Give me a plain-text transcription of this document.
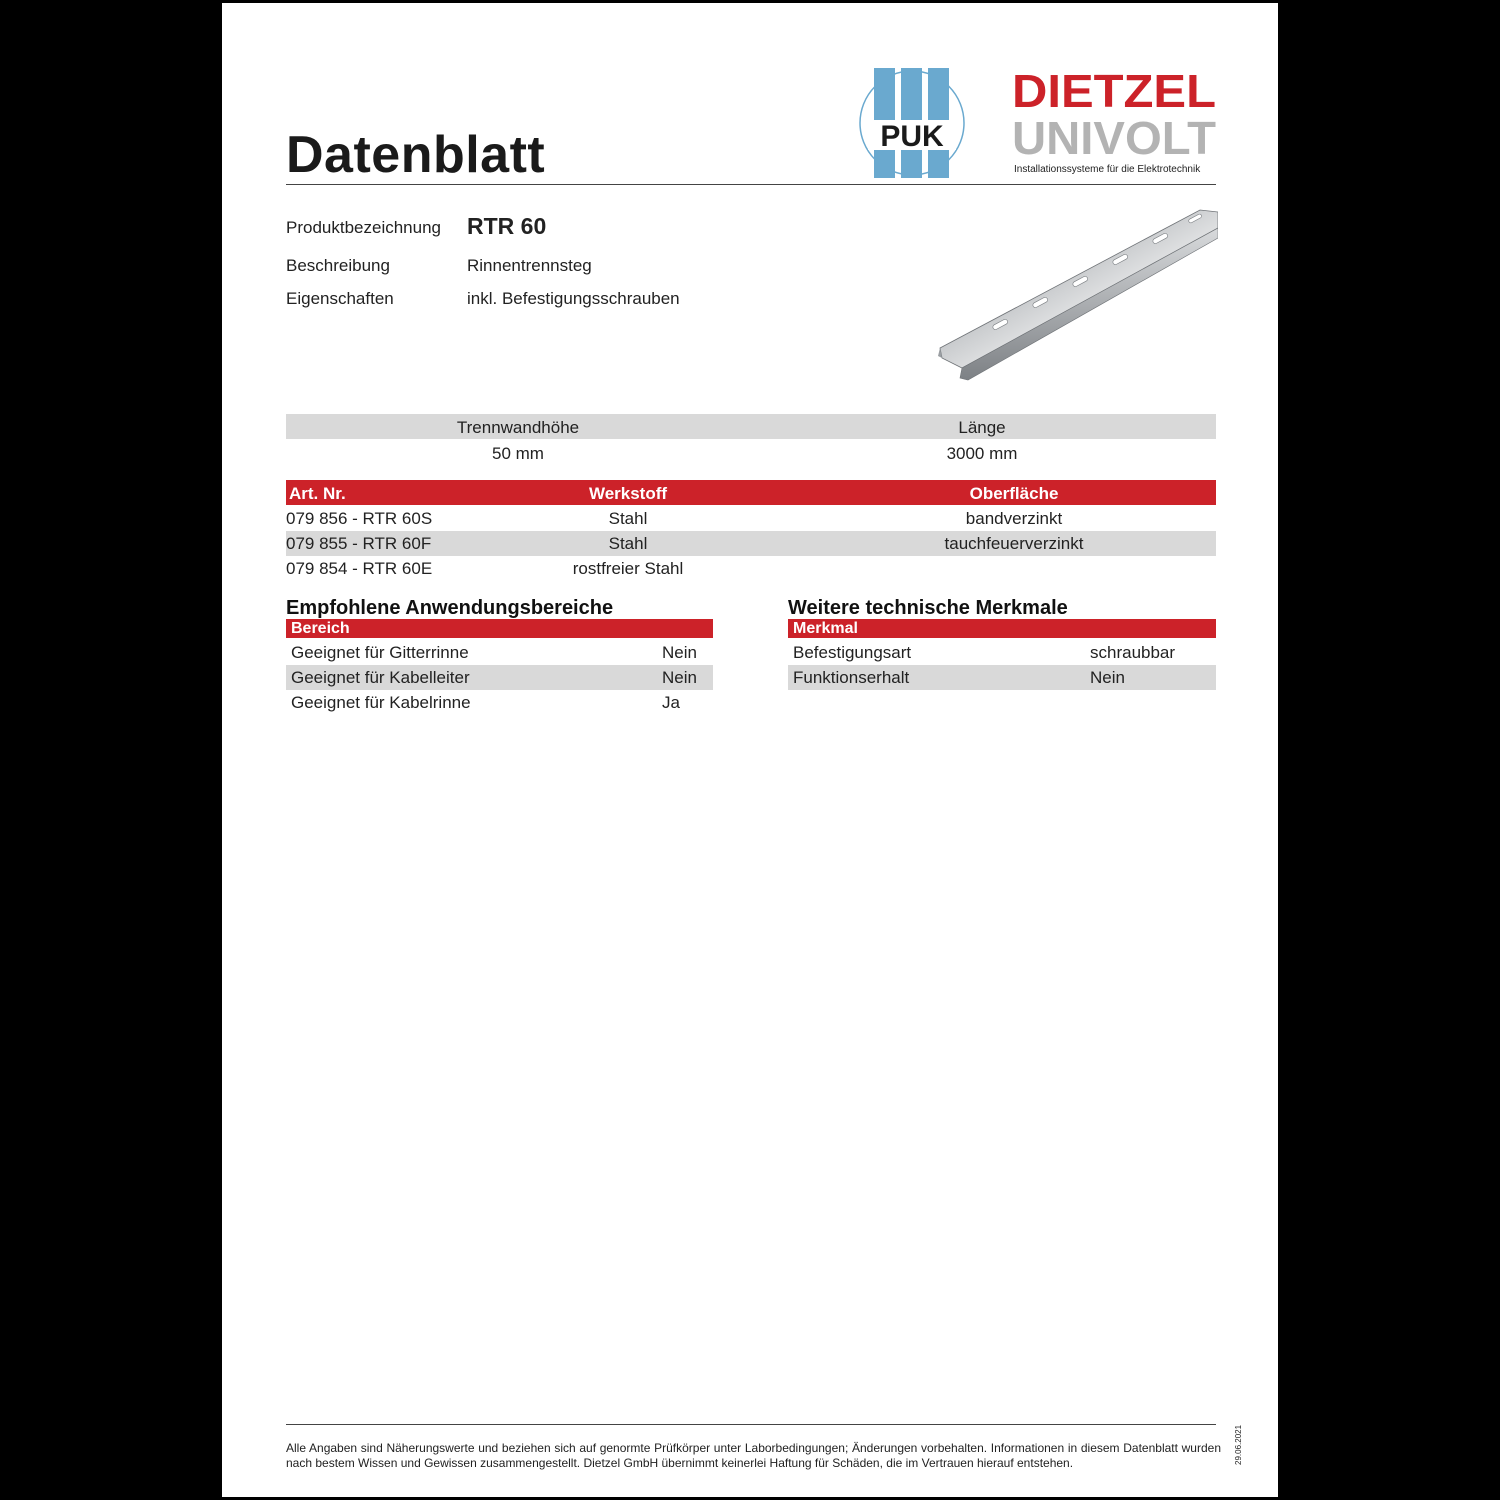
Datenblatt	PUK
DIETZEL
UNIVOLT
Installationssysteme für die Elektrotechnik
Produktbezeichnung RTR 60
Beschreibung	Rinnentrennsteg
Eigenschaften	inkl. Befestigungsschrauben
Trennwandhöhe	Länge
50 mm	3000 mm
Art. Nr.	Werkstoff	Oberfläche
079 856 - RTR 60S	Stahl	bandverzinkt
079 855 - RTR 60F	Stahl	tauchfeuerverzinkt
079 854 - RTR 60E	rostfreier Stahl
Empfohlene Anwendungsbereiche
Bereich
Geeignet für Gitterrinne	Nein
Geeignet für Kabelleiter	Nein
Geeignet für Kabelrinne	Ja
Weitere technische Merkmale
Merkmal
Befestigungsart	schraubbar
Funktionserhalt	Nein
Alle Angaben sind Näherungswerte und beziehen sich auf genormte Prüfkörper unter Laborbedingungen; Änderungen vorbehalten. Informationen in diesem Datenblatt wurden nach bestem Wissen und Gewissen zusammengestellt. Dietzel GmbH übernimmt keinerlei Haftung für Schäden, die im Vertrauen hierauf entstehen.	29.06.2021
